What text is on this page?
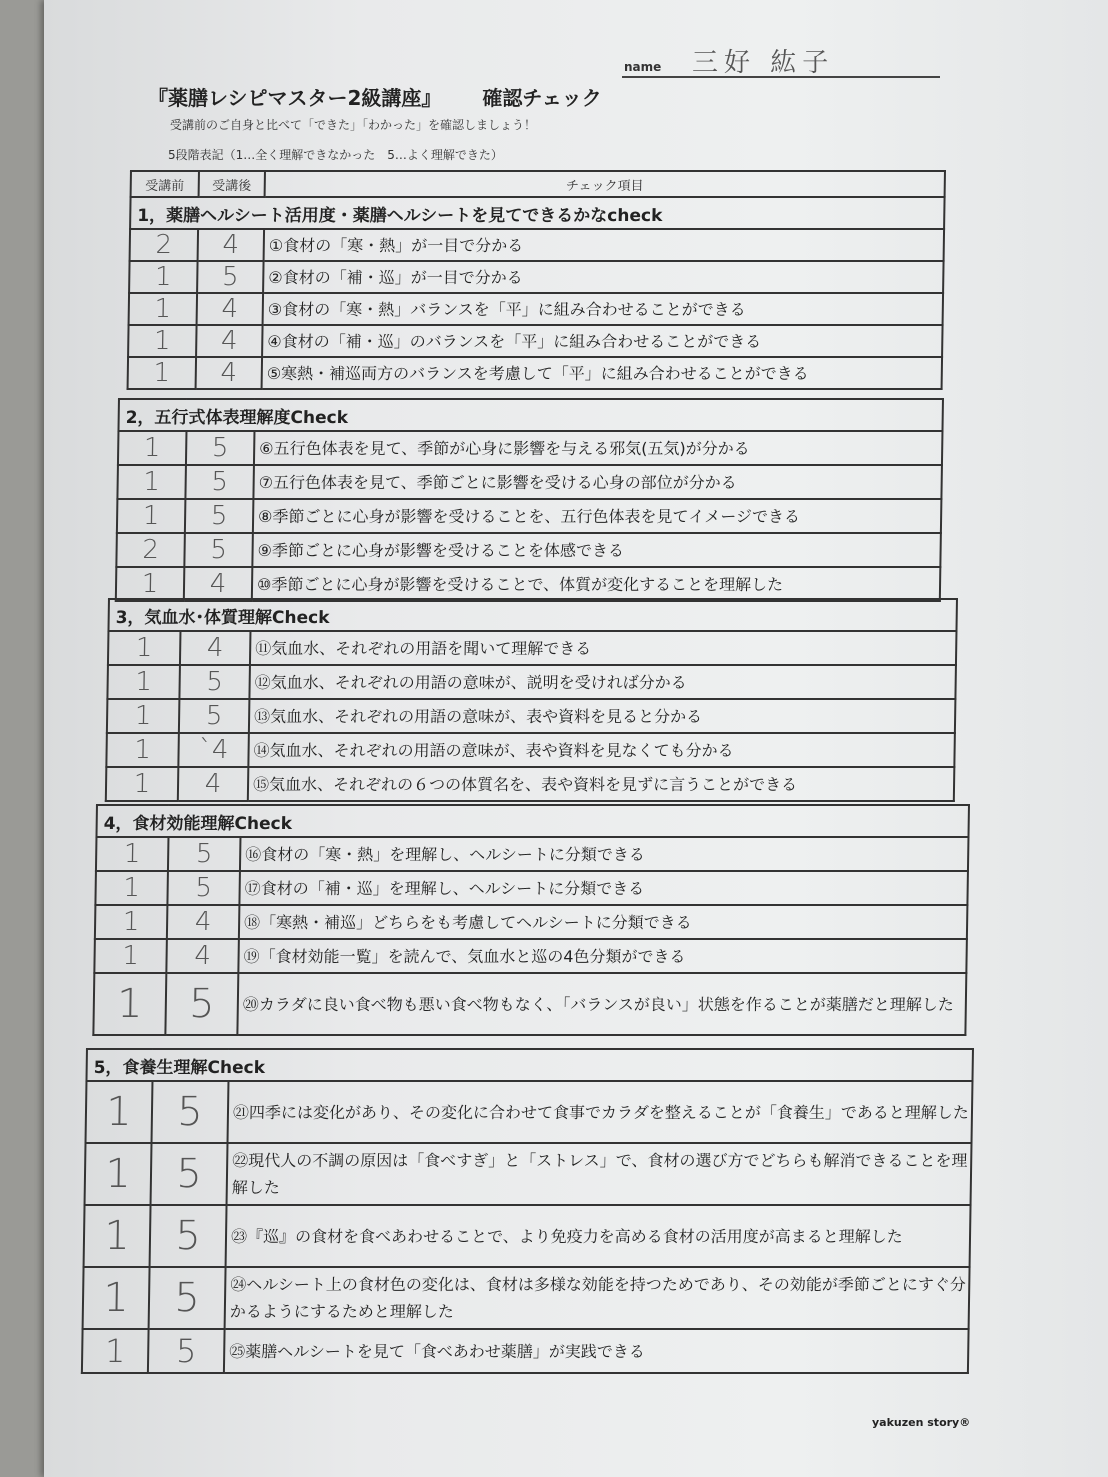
name 三好 紘子
『薬膳レシピマスター2級講座』 確認チェック
受講前のご自身と比べて「できた」「わかった」を確認しましょう！
5段階表記（1…全く理解できなかった　5…よく理解できた）
受講前	受講後	チェック項目
1，薬膳ヘルシート活用度・薬膳ヘルシートを見てできるかなcheck		
2	4	①食材の「寒・熱」が一目で分かる
1	5	②食材の「補・巡」が一目で分かる
1	4	③食材の「寒・熱」バランスを「平」に組み合わせることができる
1	4	④食材の「補・巡」のバランスを「平」に組み合わせることができる
1	4	⑤寒熱・補巡両方のバランスを考慮して「平」に組み合わせることができる
2，五行式体表理解度Check		
1	5	⑥五行色体表を見て、季節が心身に影響を与える邪気(五気)が分かる
1	5	⑦五行色体表を見て、季節ごとに影響を受ける心身の部位が分かる
1	5	⑧季節ごとに心身が影響を受けることを、五行色体表を見てイメージできる
2	5	⑨季節ごとに心身が影響を受けることを体感できる
1	4	⑩季節ごとに心身が影響を受けることで、体質が変化することを理解した
3，気血水･体質理解Check		
1	4	⑪気血水、それぞれの用語を聞いて理解できる
1	5	⑫気血水、それぞれの用語の意味が、説明を受ければ分かる
1	5	⑬気血水、それぞれの用語の意味が、表や資料を見ると分かる
1	`4	⑭気血水、それぞれの用語の意味が、表や資料を見なくても分かる
1	4	⑮気血水、それぞれの６つの体質名を、表や資料を見ずに言うことができる
4，食材効能理解Check		
1	5	⑯食材の「寒・熱」を理解し、ヘルシートに分類できる
1	5	⑰食材の「補・巡」を理解し、ヘルシートに分類できる
1	4	⑱「寒熱・補巡」どちらをも考慮してヘルシートに分類できる
1	4	⑲「食材効能一覧」を読んで、気血水と巡の4色分類ができる
1	5	⑳カラダに良い食べ物も悪い食べ物もなく、「バランスが良い」状態を作ることが薬膳だと理解した
5，食養生理解Check		
1	5	㉑四季には変化があり、その変化に合わせて食事でカラダを整えることが「食養生」であると理解した
1	5	㉒現代人の不調の原因は「食べすぎ」と「ストレス」で、食材の選び方でどちらも解消できることを理解した
1	5	㉓『巡』の食材を食べあわせることで、より免疫力を高める食材の活用度が高まると理解した
1	5	㉔ヘルシート上の食材色の変化は、食材は多様な効能を持つためであり、その効能が季節ごとにすぐ分かるようにするためと理解した
1	5	㉕薬膳ヘルシートを見て「食べあわせ薬膳」が実践できる
yakuzen story®
